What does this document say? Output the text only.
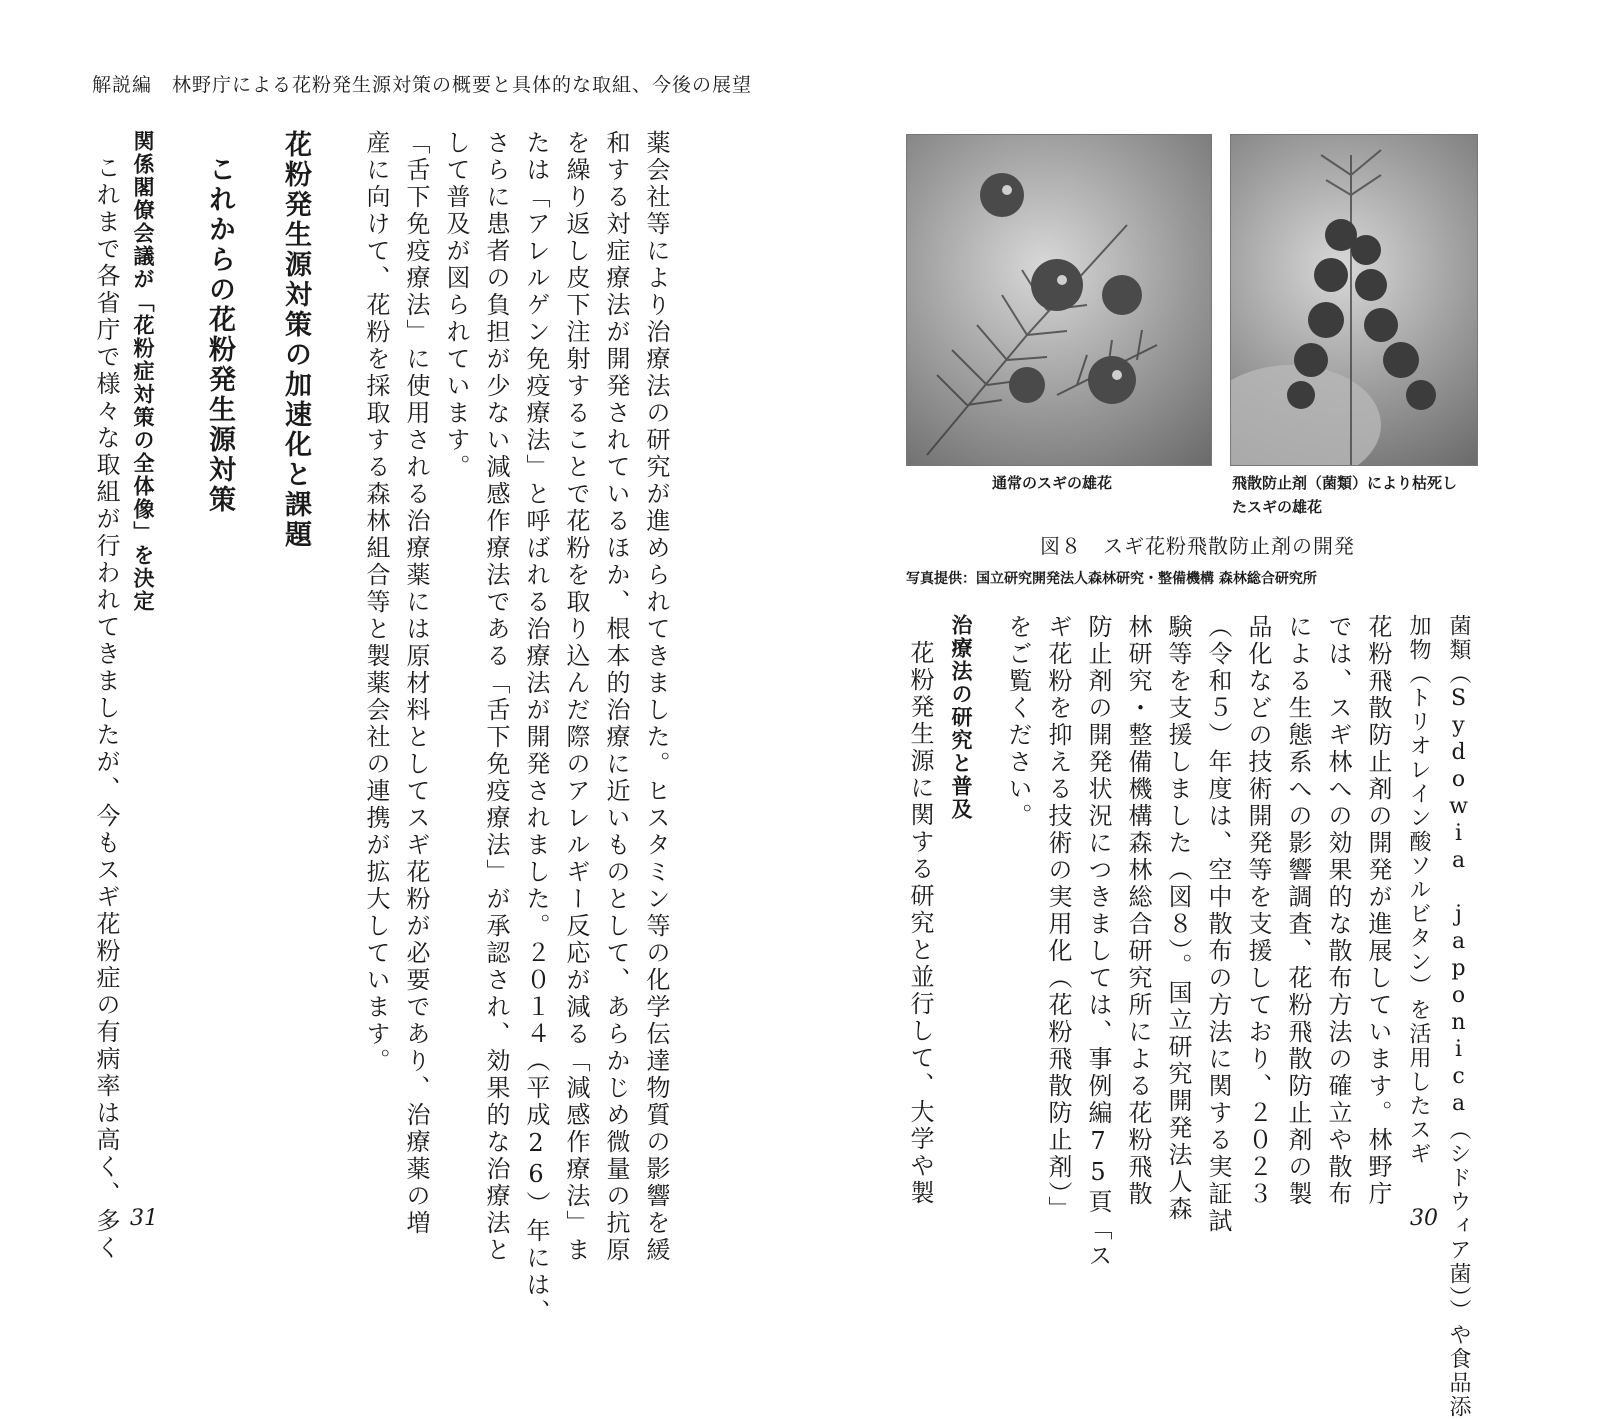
解説編　林野庁による花粉発生源対策の概要と具体的な取組、今後の展望
薬会社等により治療法の研究が進められてきました。ヒスタミン等の化学伝達物質の影響を緩
和する対症療法が開発されているほか、根本的治療に近いものとして、あらかじめ微量の抗原
を繰り返し皮下注射することで花粉を取り込んだ際のアレルギー反応が減る「減感作療法」ま
たは「アレルゲン免疫療法」と呼ばれる治療法が開発されました。２０１４（平成26）年には、
さらに患者の負担が少ない減感作療法である「舌下免疫療法」が承認され、効果的な治療法と
して普及が図られています。
「舌下免疫療法」に使用される治療薬には原材料としてスギ花粉が必要であり、治療薬の増
産に向けて、花粉を採取する森林組合等と製薬会社の連携が拡大しています。
花粉発生源対策の加速化と課題
これからの花粉発生源対策
関係閣僚会議が「花粉症対策の全体像」を決定
これまで各省庁で様々な取組が行われてきましたが、今もスギ花粉症の有病率は高く、多く 31
通常のスギの雄花	飛散防止剤（菌類）により枯死し
たスギの雄花
図８　スギ花粉飛散防止剤の開発
写真提供：国立研究開発法人森林研究・整備機構 森林総合研究所
菌類（Sydowia japonica（シドウィア菌））や食品添
加物（トリオレイン酸ソルビタン）を活用したスギ
花粉飛散防止剤の開発が進展しています。林野庁
では、スギ林への効果的な散布方法の確立や散布
による生態系への影響調査、花粉飛散防止剤の製
品化などの技術開発等を支援しており、２０２３
（令和５）年度は、空中散布の方法に関する実証試
験等を支援しました（図８）。国立研究開発法人森
林研究・整備機構森林総合研究所による花粉飛散
防止剤の開発状況につきましては、事例編75頁「ス
ギ花粉を抑える技術の実用化（花粉飛散防止剤）」
をご覧ください。
治療法の研究と普及
花粉発生源に関する研究と並行して、大学や製
30
